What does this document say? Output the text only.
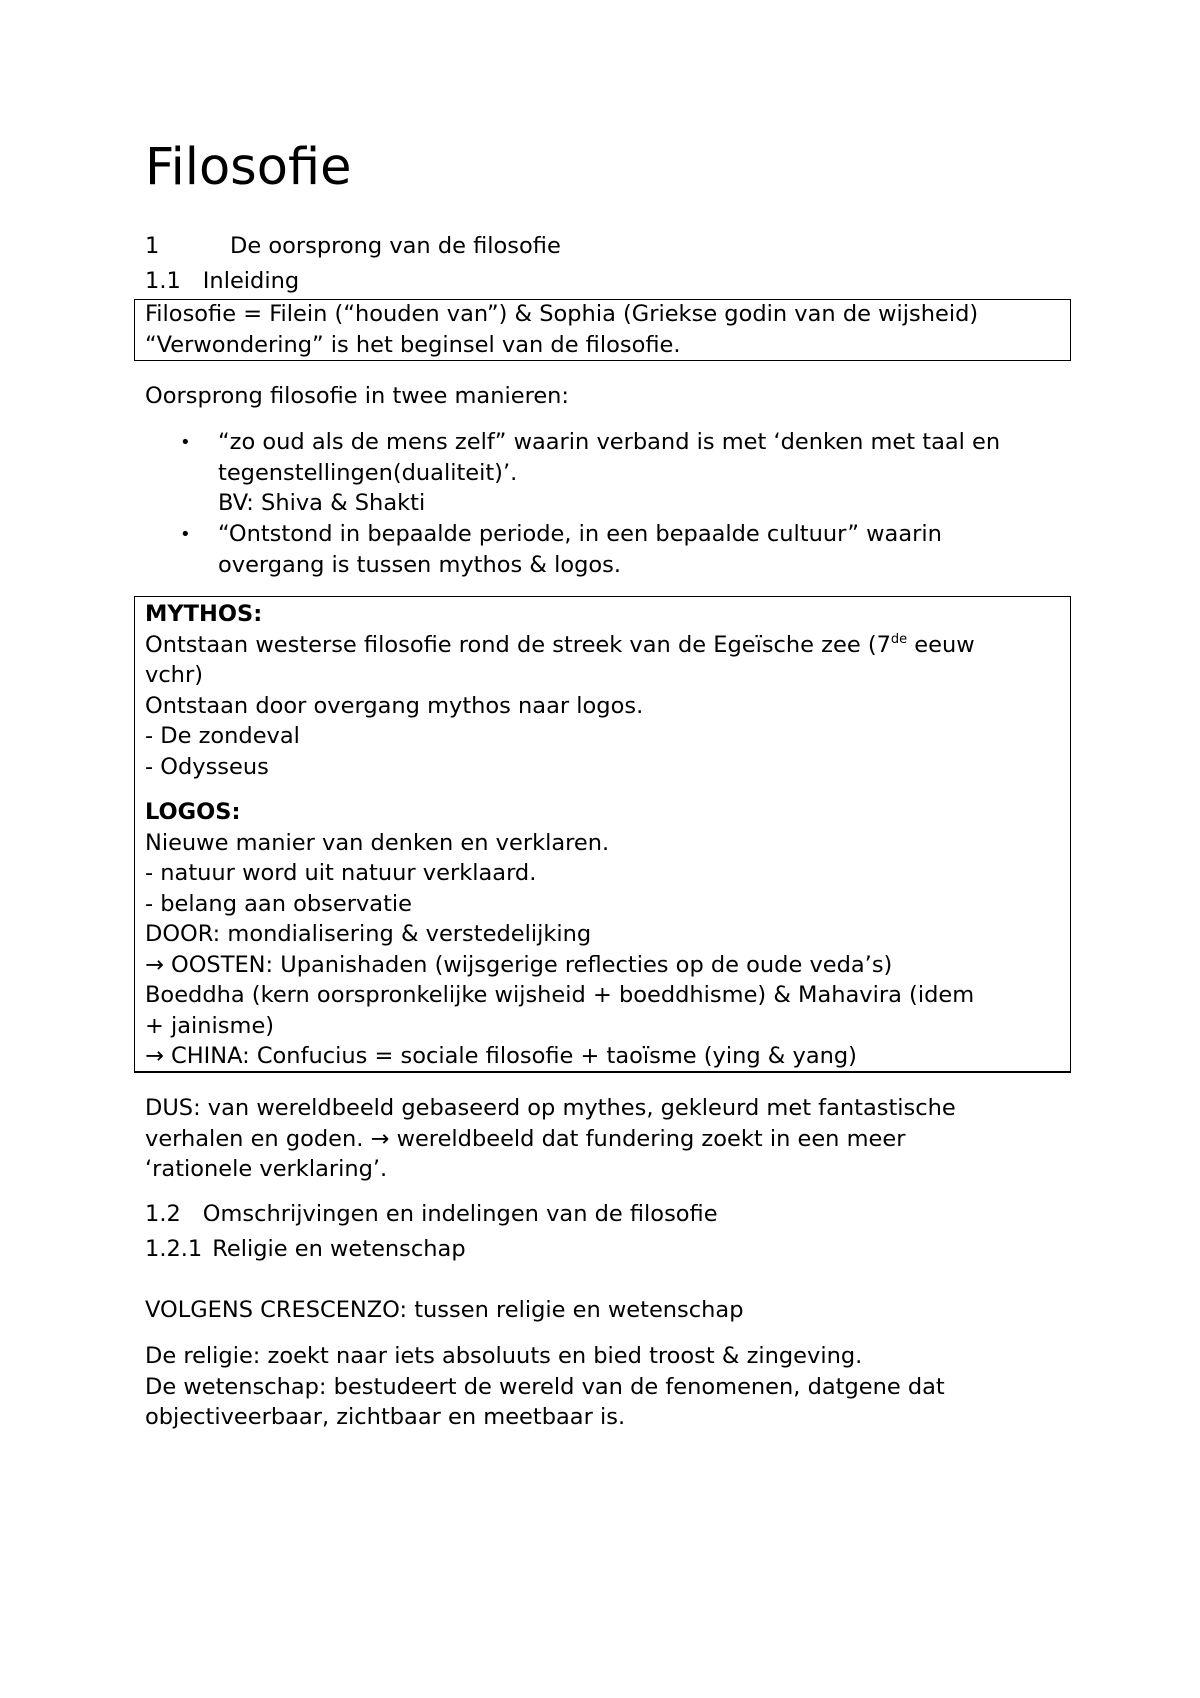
Filosofie
1	De oorsprong van de filosofie
1.1 Inleiding

Filosofie = Filein (“houden van”) & Sophia (Griekse godin van de wijsheid)

“Verwondering” is het beginsel van de filosofie.

Oorsprong filosofie in twee manieren:

• “zo oud als de mens zelf” waarin verband is met ‘denken met taal en

tegenstellingen(dualiteit)’.

BV: Shiva & Shakti

• “Ontstond in bepaalde periode, in een bepaalde cultuur” waarin

overgang is tussen mythos & logos.

MYTHOS:

Ontstaan westerse filosofie rond de streek van de Egeïsche zee (7de eeuw

vchr)

Ontstaan door overgang mythos naar logos.

- De zondeval

- Odysseus

LOGOS:

Nieuwe manier van denken en verklaren.

- natuur word uit natuur verklaard.

- belang aan observatie

DOOR: mondialisering & verstedelijking

→ OOSTEN: Upanishaden (wijsgerige reflecties op de oude veda’s)

Boeddha (kern oorspronkelijke wijsheid + boeddhisme) & Mahavira (idem

+ jainisme)

→ CHINA: Confucius = sociale filosofie + taoïsme (ying & yang)

DUS: van wereldbeeld gebaseerd op mythes, gekleurd met fantastische

verhalen en goden. → wereldbeeld dat fundering zoekt in een meer

‘rationele verklaring’.

1.2 Omschrijvingen en indelingen van de filosofie
1.2.1 Religie en wetenschap

VOLGENS CRESCENZO: tussen religie en wetenschap

De religie: zoekt naar iets absoluuts en bied troost & zingeving.

De wetenschap: bestudeert de wereld van de fenomenen, datgene dat

objectiveerbaar, zichtbaar en meetbaar is.
